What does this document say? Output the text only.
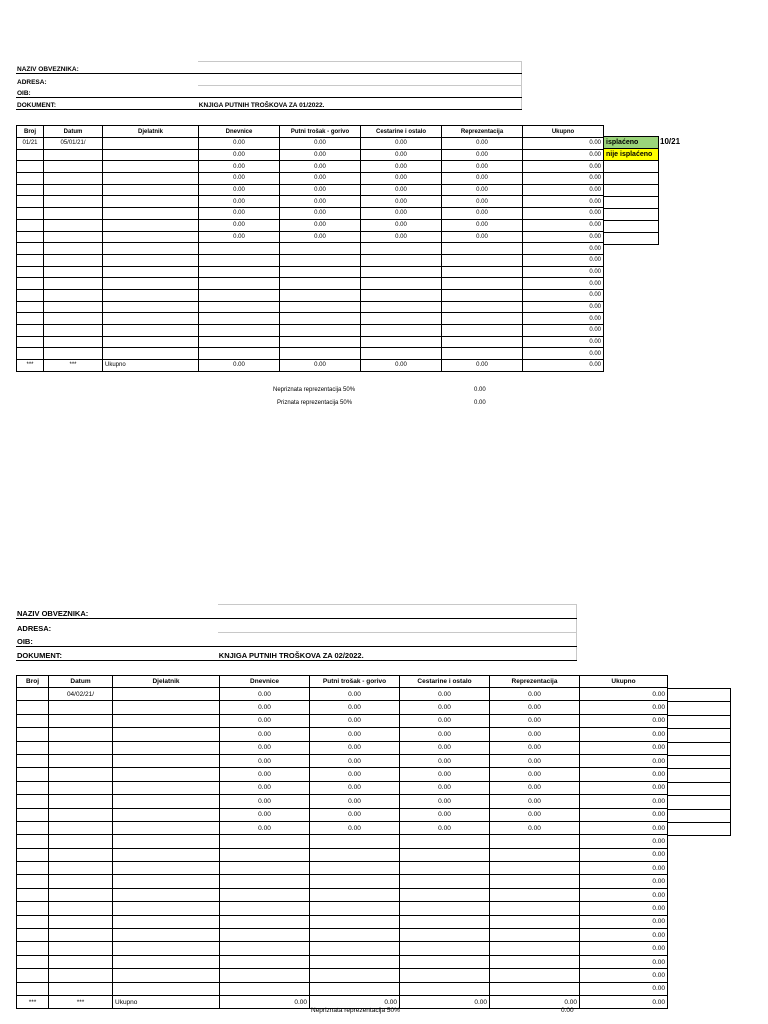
NAZIV OBVEZNIKA:	
ADRESA:	
OIB:	
DOKUMENT:	KNJIGA PUTNIH TROŠKOVA ZA 01/2022.
Broj	Datum	Djelatnik	Dnevnice	Putni trošak - gorivo	Cestarine i ostalo	Reprezentacija	Ukupno
01/21	05/01/21/		0.00	0.00	0.00	0.00	0.00
			0.00	0.00	0.00	0.00	0.00
			0.00	0.00	0.00	0.00	0.00
			0.00	0.00	0.00	0.00	0.00
			0.00	0.00	0.00	0.00	0.00
			0.00	0.00	0.00	0.00	0.00
			0.00	0.00	0.00	0.00	0.00
			0.00	0.00	0.00	0.00	0.00
			0.00	0.00	0.00	0.00	0.00
							0.00
							0.00
							0.00
							0.00
							0.00
							0.00
							0.00
							0.00
							0.00
							0.00
***	***	Ukupno	0.00	0.00	0.00	0.00	0.00
isplaćeno
nije isplaćeno

10/21
Nepriznata reprezentacija 50%	0.00
Priznata reprezentacija 50%	0.00
NAZIV OBVEZNIKA:	
ADRESA:	
OIB:	
DOKUMENT:	KNJIGA PUTNIH TROŠKOVA ZA 02/2022.
Broj	Datum	Djelatnik	Dnevnice	Putni trošak - gorivo	Cestarine i ostalo	Reprezentacija	Ukupno
	04/02/21/		0.00	0.00	0.00	0.00	0.00
			0.00	0.00	0.00	0.00	0.00
			0.00	0.00	0.00	0.00	0.00
			0.00	0.00	0.00	0.00	0.00
			0.00	0.00	0.00	0.00	0.00
			0.00	0.00	0.00	0.00	0.00
			0.00	0.00	0.00	0.00	0.00
			0.00	0.00	0.00	0.00	0.00
			0.00	0.00	0.00	0.00	0.00
			0.00	0.00	0.00	0.00	0.00
			0.00	0.00	0.00	0.00	0.00
							0.00
							0.00
							0.00
							0.00
							0.00
							0.00
							0.00
							0.00
							0.00
							0.00
							0.00
							0.00
***	***	Ukupno	0.00	0.00	0.00	0.00	0.00

Nepriznata reprezentacija 50%	0.00
